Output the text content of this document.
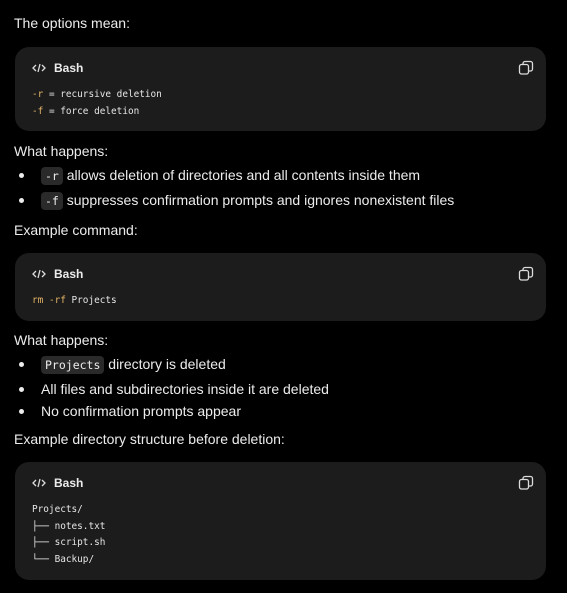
The options mean:

Bash
-r = recursive deletion
-f = force deletion

What happens:

-r allows deletion of directories and all contents inside them
-f suppresses confirmation prompts and ignores nonexistent files

Example command:

Bash
rm -rf Projects

What happens:

Projects directory is deleted
All files and subdirectories inside it are deleted
No confirmation prompts appear

Example directory structure before deletion:

Bash
Projects/
├── notes.txt
├── script.sh
└── Backup/
